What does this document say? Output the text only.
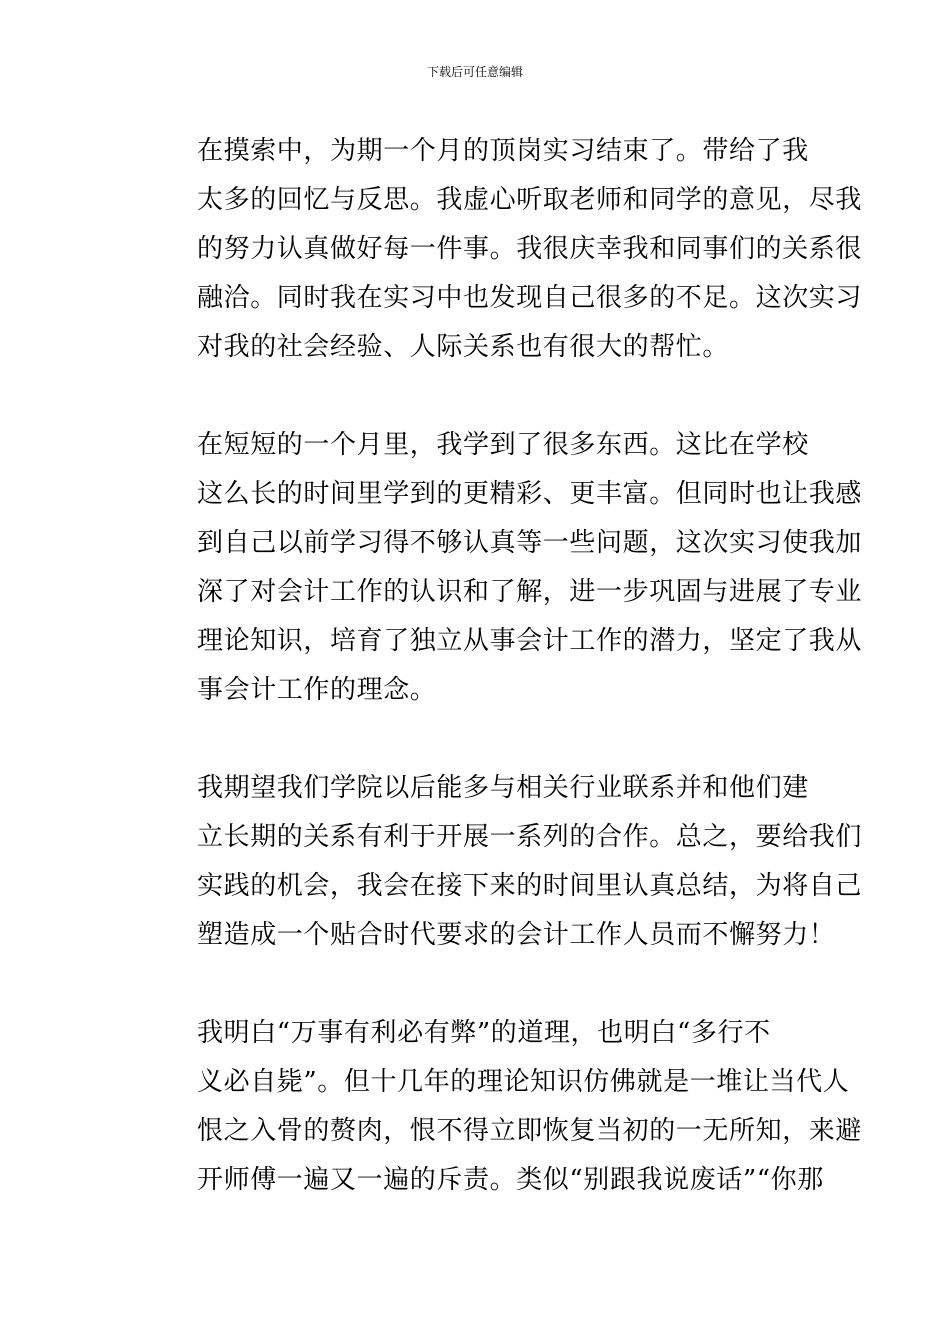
下载后可任意编辑

在摸索中，为期一个月的顶岗实习结束了。带给了我
太多的回忆与反思。我虚心听取老师和同学的意见，尽我
的努力认真做好每一件事。我很庆幸我和同事们的关系很
融洽。同时我在实习中也发现自己很多的不足。这次实习
对我的社会经验、人际关系也有很大的帮忙。

在短短的一个月里，我学到了很多东西。这比在学校
这么长的时间里学到的更精彩、更丰富。但同时也让我感
到自己以前学习得不够认真等一些问题，这次实习使我加
深了对会计工作的认识和了解，进一步巩固与进展了专业
理论知识，培育了独立从事会计工作的潜力，坚定了我从
事会计工作的理念。

我期望我们学院以后能多与相关行业联系并和他们建
立长期的关系有利于开展一系列的合作。总之，要给我们
实践的机会，我会在接下来的时间里认真总结，为将自己
塑造成一个贴合时代要求的会计工作人员而不懈努力！

我明白“万事有利必有弊”的道理，也明白“多行不
义必自毙”。但十几年的理论知识仿佛就是一堆让当代人
恨之入骨的赘肉，恨不得立即恢复当初的一无所知，来避
开师傅一遍又一遍的斥责。类似“别跟我说废话”“你那
